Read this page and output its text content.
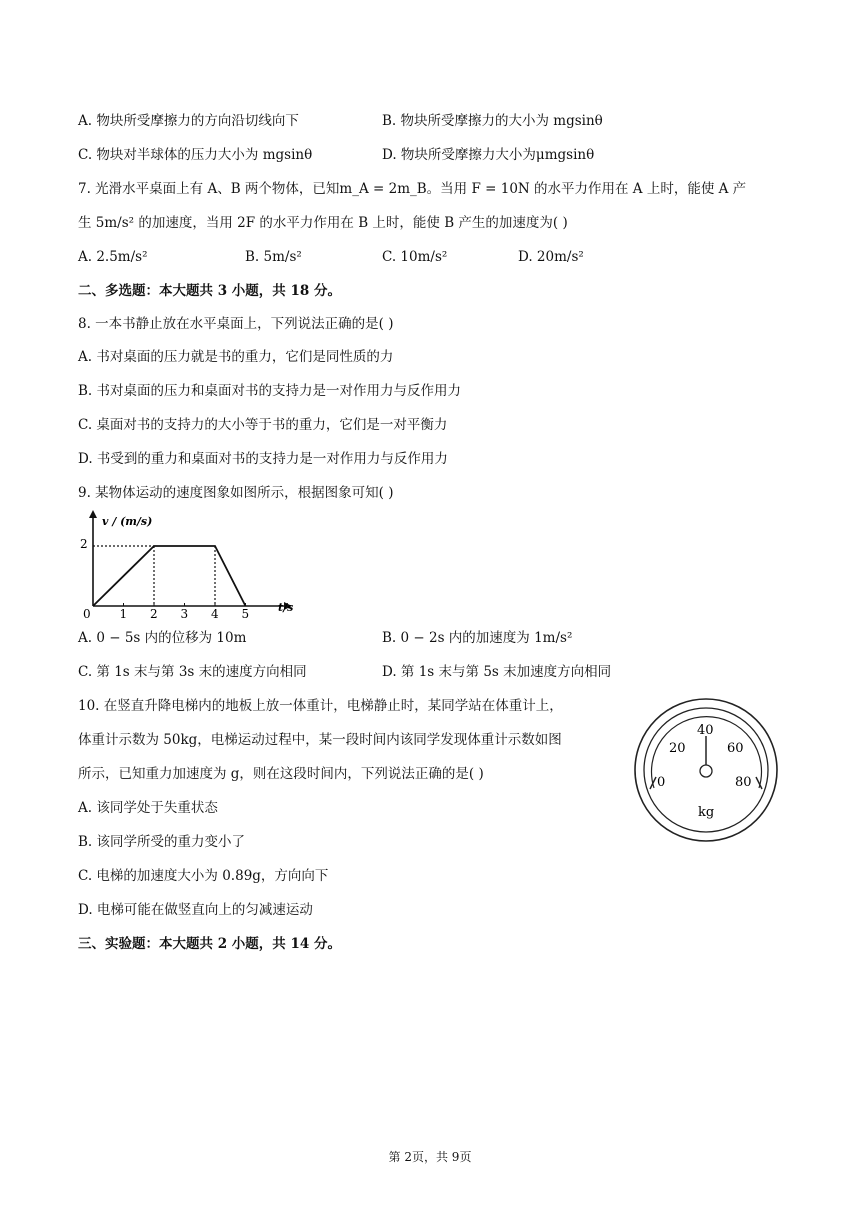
A. 物块所受摩擦力的方向沿切线向下	B. 物块所受摩擦力的大小为 mgsinθ
C. 物块对半球体的压力大小为 mgsinθ	D. 物块所受摩擦力大小为μmgsinθ
7. 光滑水平桌面上有 A、B 两个物体，已知m_A = 2m_B。当用 F = 10N 的水平力作用在 A 上时，能使 A 产
生 5m/s² 的加速度，当用 2F 的水平力作用在 B 上时，能使 B 产生的加速度为( )
A. 2.5m/s²	B. 5m/s²	C. 10m/s²	D. 20m/s²
二、多选题：本大题共 3 小题，共 18 分。
8. 一本书静止放在水平桌面上，下列说法正确的是( )
A. 书对桌面的压力就是书的重力，它们是同性质的力
B. 书对桌面的压力和桌面对书的支持力是一对作用力与反作用力
C. 桌面对书的支持力的大小等于书的重力，它们是一对平衡力
D. 书受到的重力和桌面对书的支持力是一对作用力与反作用力
9. 某物体运动的速度图象如图所示，根据图象可知( )
v / (m/s)
t/s
2
0 1 2 3 4 5
A. 0 − 5s 内的位移为 10m	B. 0 − 2s 内的加速度为 1m/s²
C. 第 1s 末与第 3s 末的速度方向相同	D. 第 1s 末与第 5s 末加速度方向相同
10. 在竖直升降电梯内的地板上放一体重计，电梯静止时，某同学站在体重计上，
体重计示数为 50kg，电梯运动过程中，某一段时间内该同学发现体重计示数如图
所示，已知重力加速度为 g，则在这段时间内，下列说法正确的是( )
A. 该同学处于失重状态
B. 该同学所受的重力变小了
C. 电梯的加速度大小为 0.89g，方向向下
D. 电梯可能在做竖直向上的匀减速运动
0
20
40
60
80
kg
三、实验题：本大题共 2 小题，共 14 分。
第 2页，共 9页
